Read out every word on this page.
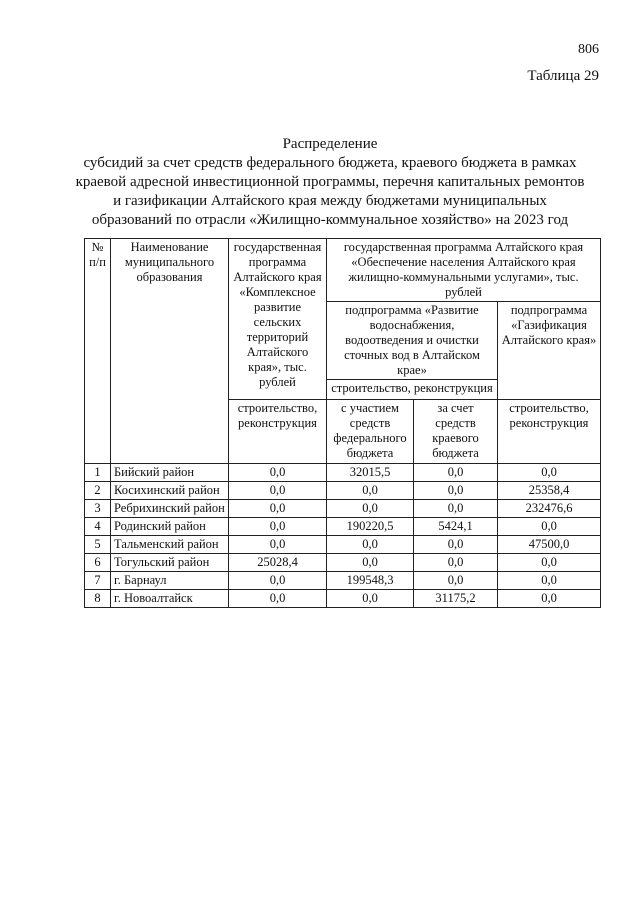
806
Таблица 29
Распределение
субсидий за счет средств федерального бюджета, краевого бюджета в рамках
краевой адресной инвестиционной программы, перечня капитальных ремонтов
и газификации Алтайского края между бюджетами муниципальных
образований по отрасли «Жилищно-коммунальное хозяйство» на 2023 год
№ п/п	Наименование муниципального образования	государственная программа Алтайского края «Комплексное развитие сельских территорий Алтайского края», тыс. рублей	государственная программа Алтайского края «Обеспечение населения Алтайского края жилищно-коммунальными услугами», тыс. рублей		
			подпрограмма «Развитие водоснабжения, водоотведения и очистки сточных вод в Алтайском крае»		подпрограмма «Газификация Алтайского края»
			строительство, реконструкция		
		строительство, реконструкция	с участием средств федерального бюджета	за счет средств краевого бюджета	строительство, реконструкция
1	Бийский район	0,0	32015,5	0,0	0,0
2	Косихинский район	0,0	0,0	0,0	25358,4
3	Ребрихинский район	0,0	0,0	0,0	232476,6
4	Родинский район	0,0	190220,5	5424,1	0,0
5	Тальменский район	0,0	0,0	0,0	47500,0
6	Тогульский район	25028,4	0,0	0,0	0,0
7	г. Барнаул	0,0	199548,3	0,0	0,0
8	г. Новоалтайск	0,0	0,0	31175,2	0,0
